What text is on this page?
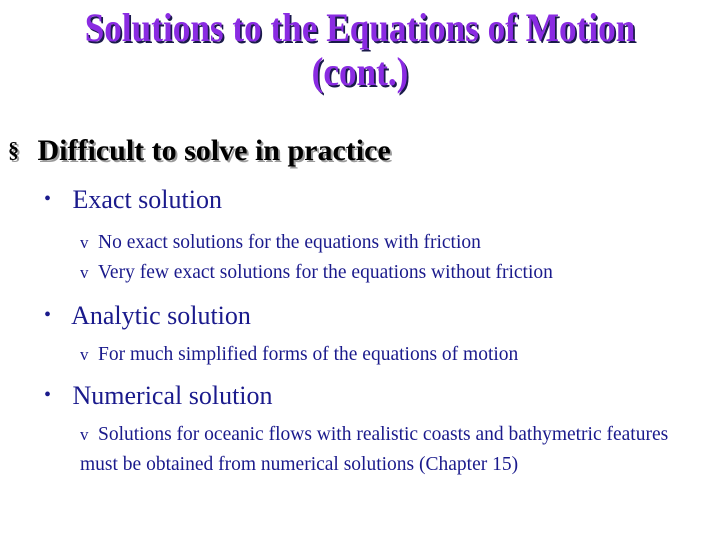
Solutions to the Equations of Motion
(cont.)
§ Difficult to solve in practice
• Exact solution
v No exact solutions for the equations with friction
v Very few exact solutions for the equations without friction
• Analytic solution
v For much simplified forms of the equations of motion
• Numerical solution
v Solutions for oceanic flows with realistic coasts and bathymetric features must be obtained from numerical solutions (Chapter 15)
